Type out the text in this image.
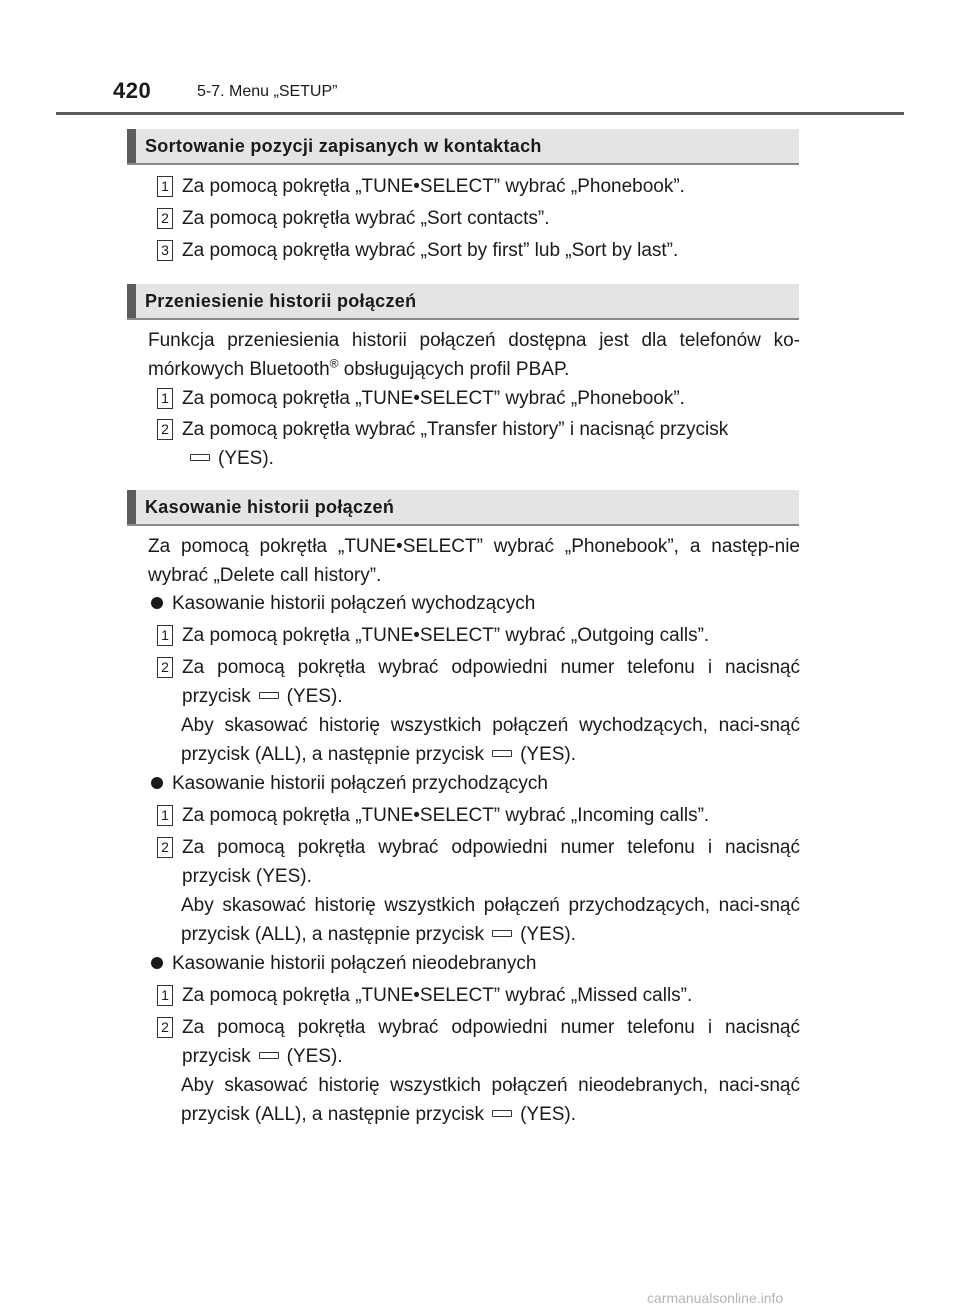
420	5-7. Menu „SETUP”
Sortowanie pozycji zapisanych w kontaktach
1 Za pomocą pokrętła „TUNE•SELECT” wybrać „Phonebook”.
2 Za pomocą pokrętła wybrać „Sort contacts”.
3 Za pomocą pokrętła wybrać „Sort by first” lub „Sort by last”.
Przeniesienie historii połączeń
Funkcja przeniesienia historii połączeń dostępna jest dla telefonów ko-mórkowych Bluetooth® obsługujących profil PBAP.
1 Za pomocą pokrętła „TUNE•SELECT” wybrać „Phonebook”.
2 Za pomocą pokrętła wybrać „Transfer history” i nacisnąć przycisk
(YES).
Kasowanie historii połączeń
Za pomocą pokrętła „TUNE•SELECT” wybrać „Phonebook”, a następ-nie wybrać „Delete call history”.
Kasowanie historii połączeń wychodzących
1 Za pomocą pokrętła „TUNE•SELECT” wybrać „Outgoing calls”.
2 Za pomocą pokrętła wybrać odpowiedni numer telefonu i nacisnąć przycisk (YES).
Aby skasować historię wszystkich połączeń wychodzących, naci-snąć przycisk (ALL), a następnie przycisk (YES).
Kasowanie historii połączeń przychodzących
1 Za pomocą pokrętła „TUNE•SELECT” wybrać „Incoming calls”.
2 Za pomocą pokrętła wybrać odpowiedni numer telefonu i nacisnąć przycisk (YES).
Aby skasować historię wszystkich połączeń przychodzących, naci-snąć przycisk (ALL), a następnie przycisk (YES).
Kasowanie historii połączeń nieodebranych
1 Za pomocą pokrętła „TUNE•SELECT” wybrać „Missed calls”.
2 Za pomocą pokrętła wybrać odpowiedni numer telefonu i nacisnąć przycisk (YES).
Aby skasować historię wszystkich połączeń nieodebranych, naci-snąć przycisk (ALL), a następnie przycisk (YES).
carmanualsonline.info
